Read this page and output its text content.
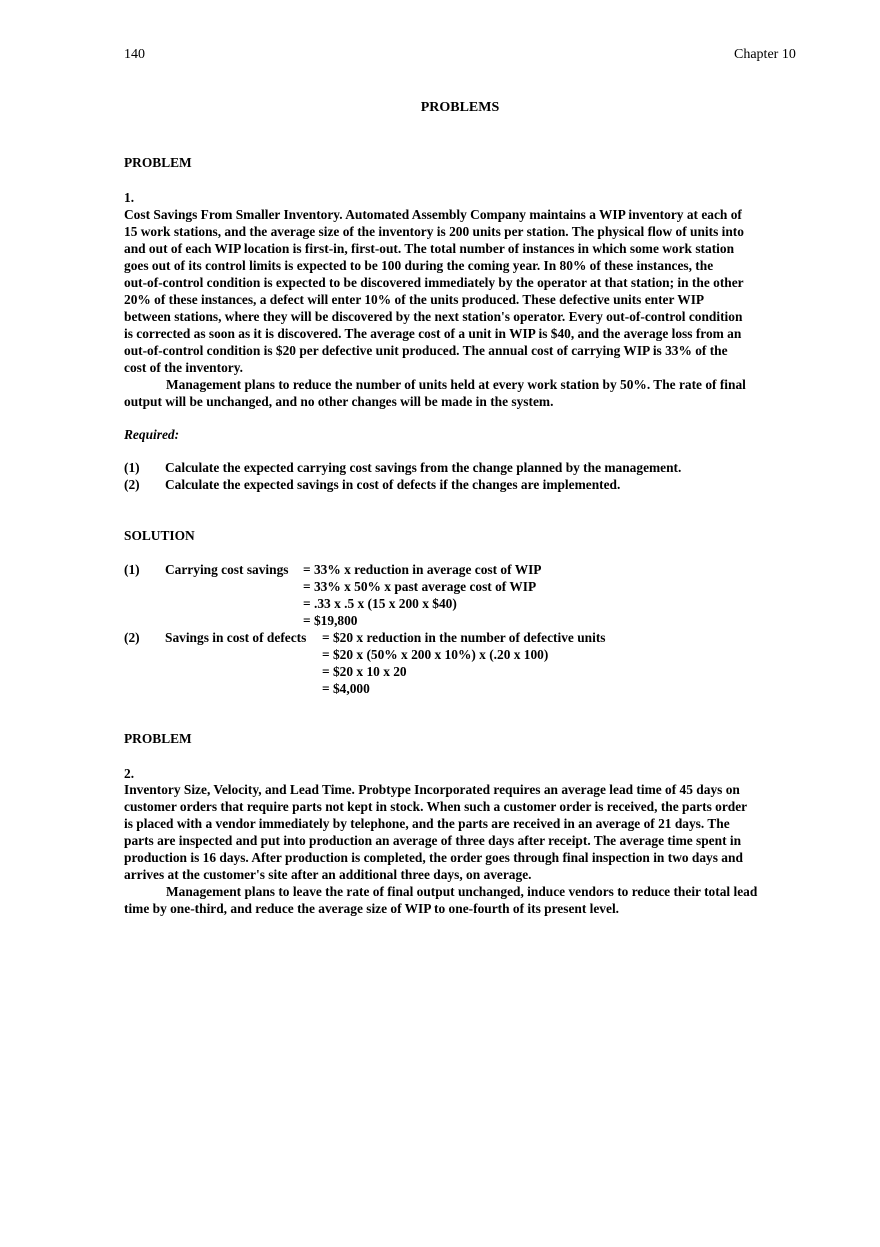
140	Chapter 10
PROBLEMS
PROBLEM
1.
Cost Savings From Smaller Inventory. Automated Assembly Company maintains a WIP inventory at each of
15 work stations, and the average size of the inventory is 200 units per station. The physical flow of units into
and out of each WIP location is first-in, first-out. The total number of instances in which some work station
goes out of its control limits is expected to be 100 during the coming year. In 80% of these instances, the
out-of-control condition is expected to be discovered immediately by the operator at that station; in the other
20% of these instances, a defect will enter 10% of the units produced. These defective units enter WIP
between stations, where they will be discovered by the next station's operator. Every out-of-control condition
is corrected as soon as it is discovered. The average cost of a unit in WIP is $40, and the average loss from an
out-of-control condition is $20 per defective unit produced. The annual cost of carrying WIP is 33% of the
cost of the inventory.
Management plans to reduce the number of units held at every work station by 50%. The rate of final
output will be unchanged, and no other changes will be made in the system.
Required:
(1) Calculate the expected carrying cost savings from the change planned by the management.
(2) Calculate the expected savings in cost of defects if the changes are implemented.
SOLUTION
(1) Carrying cost savings = 33% x reduction in average cost of WIP
= 33% x 50% x past average cost of WIP
= .33 x .5 x (15 x 200 x $40)
= $19,800
(2) Savings in cost of defects = $20 x reduction in the number of defective units
= $20 x (50% x 200 x 10%) x (.20 x 100)
= $20 x 10 x 20
= $4,000
PROBLEM
2.
Inventory Size, Velocity, and Lead Time. Probtype Incorporated requires an average lead time of 45 days on
customer orders that require parts not kept in stock. When such a customer order is received, the parts order
is placed with a vendor immediately by telephone, and the parts are received in an average of 21 days. The
parts are inspected and put into production an average of three days after receipt. The average time spent in
production is 16 days. After production is completed, the order goes through final inspection in two days and
arrives at the customer's site after an additional three days, on average.
Management plans to leave the rate of final output unchanged, induce vendors to reduce their total lead
time by one-third, and reduce the average size of WIP to one-fourth of its present level.
